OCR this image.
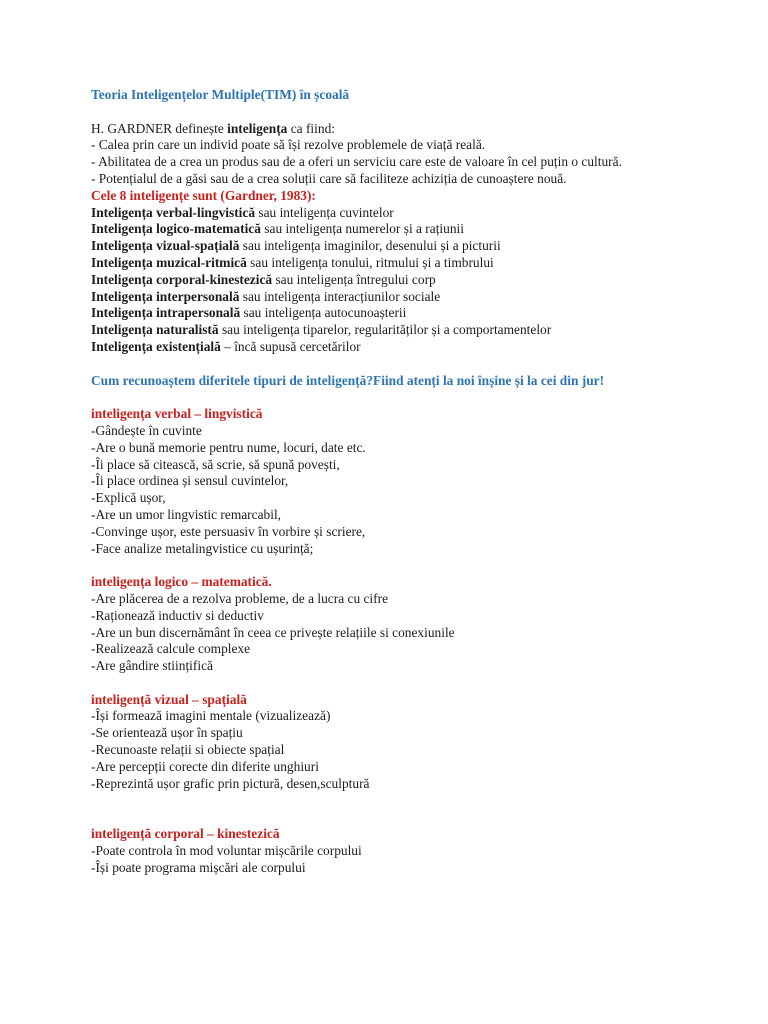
Teoria Inteligențelor Multiple(TIM) în școală

H. GARDNER definește inteligența ca fiind:

- Calea prin care un individ poate să își rezolve problemele de viață reală.

- Abilitatea de a crea un produs sau de a oferi un serviciu care este de valoare în cel puțin o cultură.

- Potențialul de a găsi sau de a crea soluții care să faciliteze achiziția de cunoaștere nouă.

Cele 8 inteligențe sunt (Gardner, 1983):

Inteligența verbal-lingvistică sau inteligența cuvintelor

Inteligența logico-matematică sau inteligența numerelor și a rațiunii

Inteligența vizual-spațială sau inteligența imaginilor, desenului și a picturii

Inteligența muzical-ritmică sau inteligența tonului, ritmului și a timbrului

Inteligența corporal-kinestezică sau inteligența întregului corp

Inteligența interpersonală sau inteligența interacțiunilor sociale

Inteligența intrapersonală sau inteligența autocunoașterii

Inteligența naturalistă sau inteligența tiparelor, regularităților și a comportamentelor

Inteligența existențială – încă supusă cercetărilor

Cum recunoaștem diferitele tipuri de inteligență?Fiind atenți la noi înșine și la cei din jur!

inteligența verbal – lingvistică

-Gândește în cuvinte

-Are o bună memorie pentru nume, locuri, date etc.

-Îi place să citească, să scrie, să spună povești,

-Îi place ordinea și sensul cuvintelor,

-Explică ușor,

-Are un umor lingvistic remarcabil,

-Convinge ușor, este persuasiv în vorbire și scriere,

-Face analize metalingvistice cu ușurință;

inteligența logico – matematică.

-Are plăcerea de a rezolva probleme, de a lucra cu cifre

-Raționează inductiv si deductiv

-Are un bun discernământ în ceea ce privește relațiile si conexiunile

-Realizează calcule complexe

-Are gândire stiințifică

inteligență vizual – spațială

-Își formează imagini mentale (vizualizează)

-Se orientează ușor în spațiu

-Recunoaste relații si obiecte spațial

-Are percepții corecte din diferite unghiuri

-Reprezintă ușor grafic prin pictură, desen,sculptură

inteligență corporal – kinestezică

-Poate controla în mod voluntar mișcările corpului

-Își poate programa mișcări ale corpului
